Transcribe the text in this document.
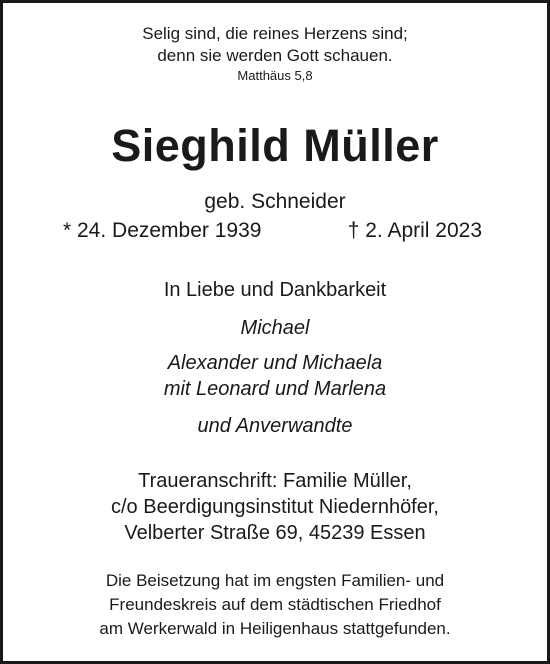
Selig sind, die reines Herzens sind;
denn sie werden Gott schauen.
Matthäus 5,8
Sieghild Müller
geb. Schneider
* 24. Dezember 1939	† 2. April 2023
In Liebe und Dankbarkeit
Michael
Alexander und Michaela
mit Leonard und Marlena
und Anverwandte
Traueranschrift: Familie Müller,
c/o Beerdigungsinstitut Niedernhöfer,
Velberter Straße 69, 45239 Essen
Die Beisetzung hat im engsten Familien- und
Freundeskreis auf dem städtischen Friedhof
am Werkerwald in Heiligenhaus stattgefunden.
